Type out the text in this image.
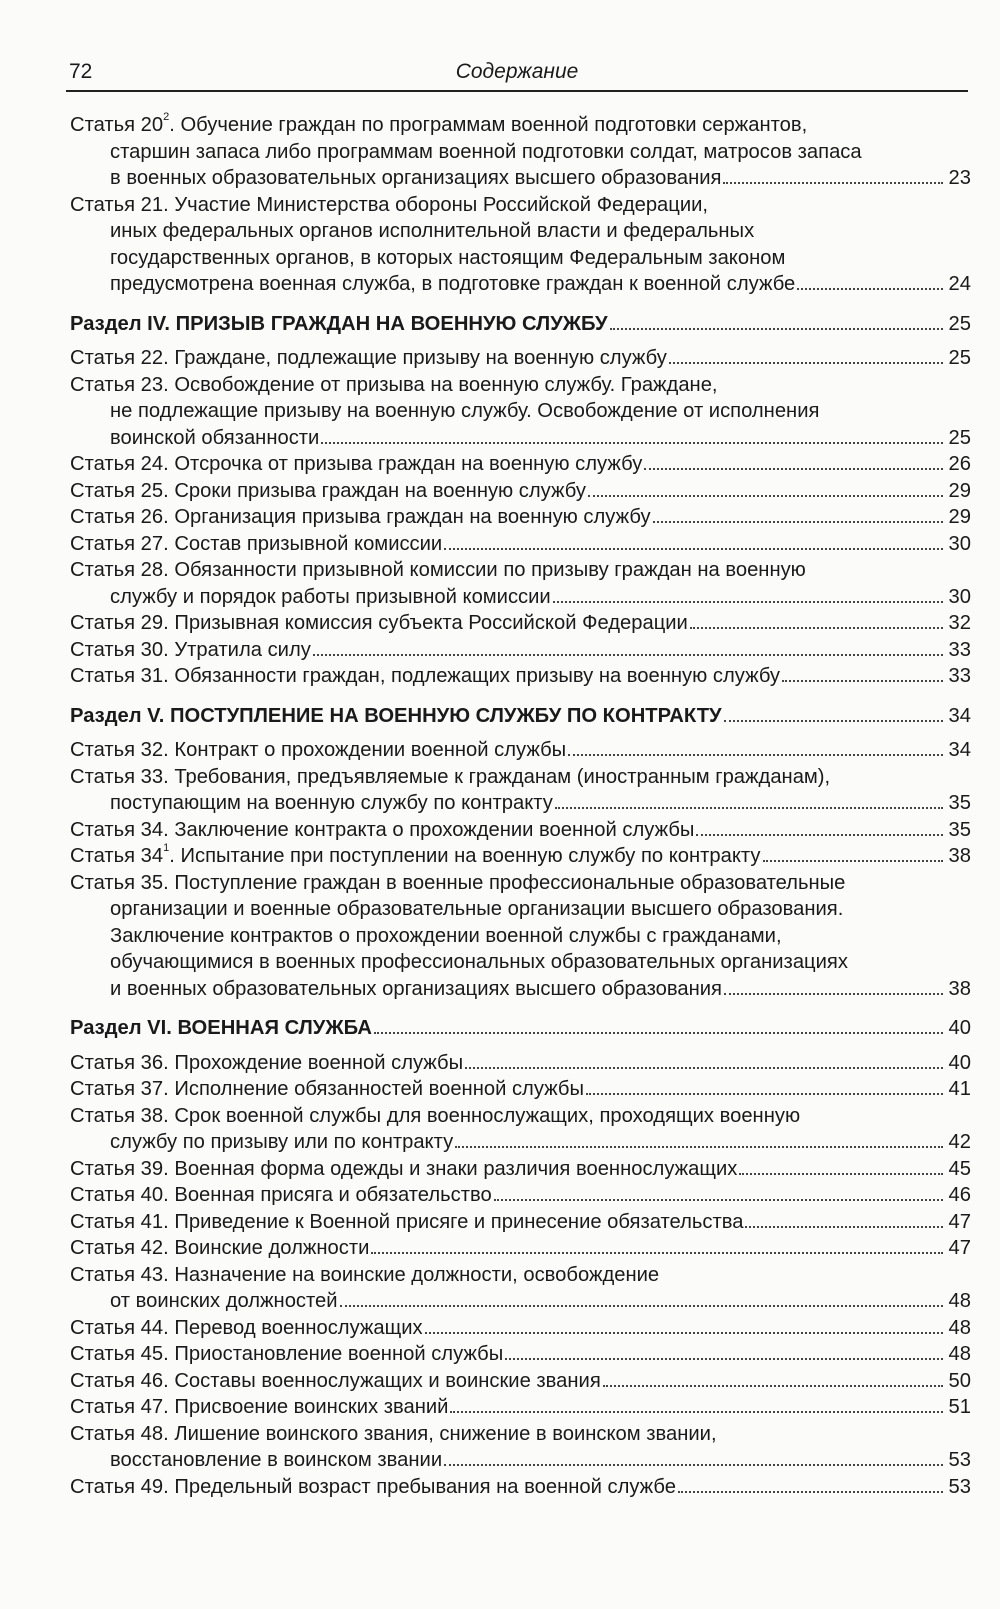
72	Содержание
Статья $20^2$. Обучение граждан по программам военной подготовки сержантов,
старшин запаса либо программам военной подготовки солдат, матросов запаса
в военных образовательных организациях высшего образования	23
Статья 21. Участие Министерства обороны Российской Федерации,
иных федеральных органов исполнительной власти и федеральных
государственных органов, в которых настоящим Федеральным законом
предусмотрена военная служба, в подготовке граждан к военной службе	24
Раздел IV. ПРИЗЫВ ГРАЖДАН НА ВОЕННУЮ СЛУЖБУ	25
Статья 22. Граждане, подлежащие призыву на военную службу	25
Статья 23. Освобождение от призыва на военную службу. Граждане,
не подлежащие призыву на военную службу. Освобождение от исполнения
воинской обязанности	25
Статья 24. Отсрочка от призыва граждан на военную службу	26
Статья 25. Сроки призыва граждан на военную службу	29
Статья 26. Организация призыва граждан на военную службу	29
Статья 27. Состав призывной комиссии	30
Статья 28. Обязанности призывной комиссии по призыву граждан на военную
службу и порядок работы призывной комиссии	30
Статья 29. Призывная комиссия субъекта Российской Федерации	32
Статья 30. Утратила силу	33
Статья 31. Обязанности граждан, подлежащих призыву на военную службу	33
Раздел V. ПОСТУПЛЕНИЕ НА ВОЕННУЮ СЛУЖБУ ПО КОНТРАКТУ	34
Статья 32. Контракт о прохождении военной службы	34
Статья 33. Требования, предъявляемые к гражданам (иностранным гражданам),
поступающим на военную службу по контракту	35
Статья 34. Заключение контракта о прохождении военной службы	35
Статья $34^1$. Испытание при поступлении на военную службу по контракту	38
Статья 35. Поступление граждан в военные профессиональные образовательные
организации и военные образовательные организации высшего образования.
Заключение контрактов о прохождении военной службы с гражданами,
обучающимися в военных профессиональных образовательных организациях
и военных образовательных организациях высшего образования	38
Раздел VI. ВОЕННАЯ СЛУЖБА	40
Статья 36. Прохождение военной службы	40
Статья 37. Исполнение обязанностей военной службы	41
Статья 38. Срок военной службы для военнослужащих, проходящих военную
службу по призыву или по контракту	42
Статья 39. Военная форма одежды и знаки различия военнослужащих	45
Статья 40. Военная присяга и обязательство	46
Статья 41. Приведение к Военной присяге и принесение обязательства	47
Статья 42. Воинские должности	47
Статья 43. Назначение на воинские должности, освобождение
от воинских должностей	48
Статья 44. Перевод военнослужащих	48
Статья 45. Приостановление военной службы	48
Статья 46. Составы военнослужащих и воинские звания	50
Статья 47. Присвоение воинских званий	51
Статья 48. Лишение воинского звания, снижение в воинском звании,
восстановление в воинском звании	53
Статья 49. Предельный возраст пребывания на военной службе	53
